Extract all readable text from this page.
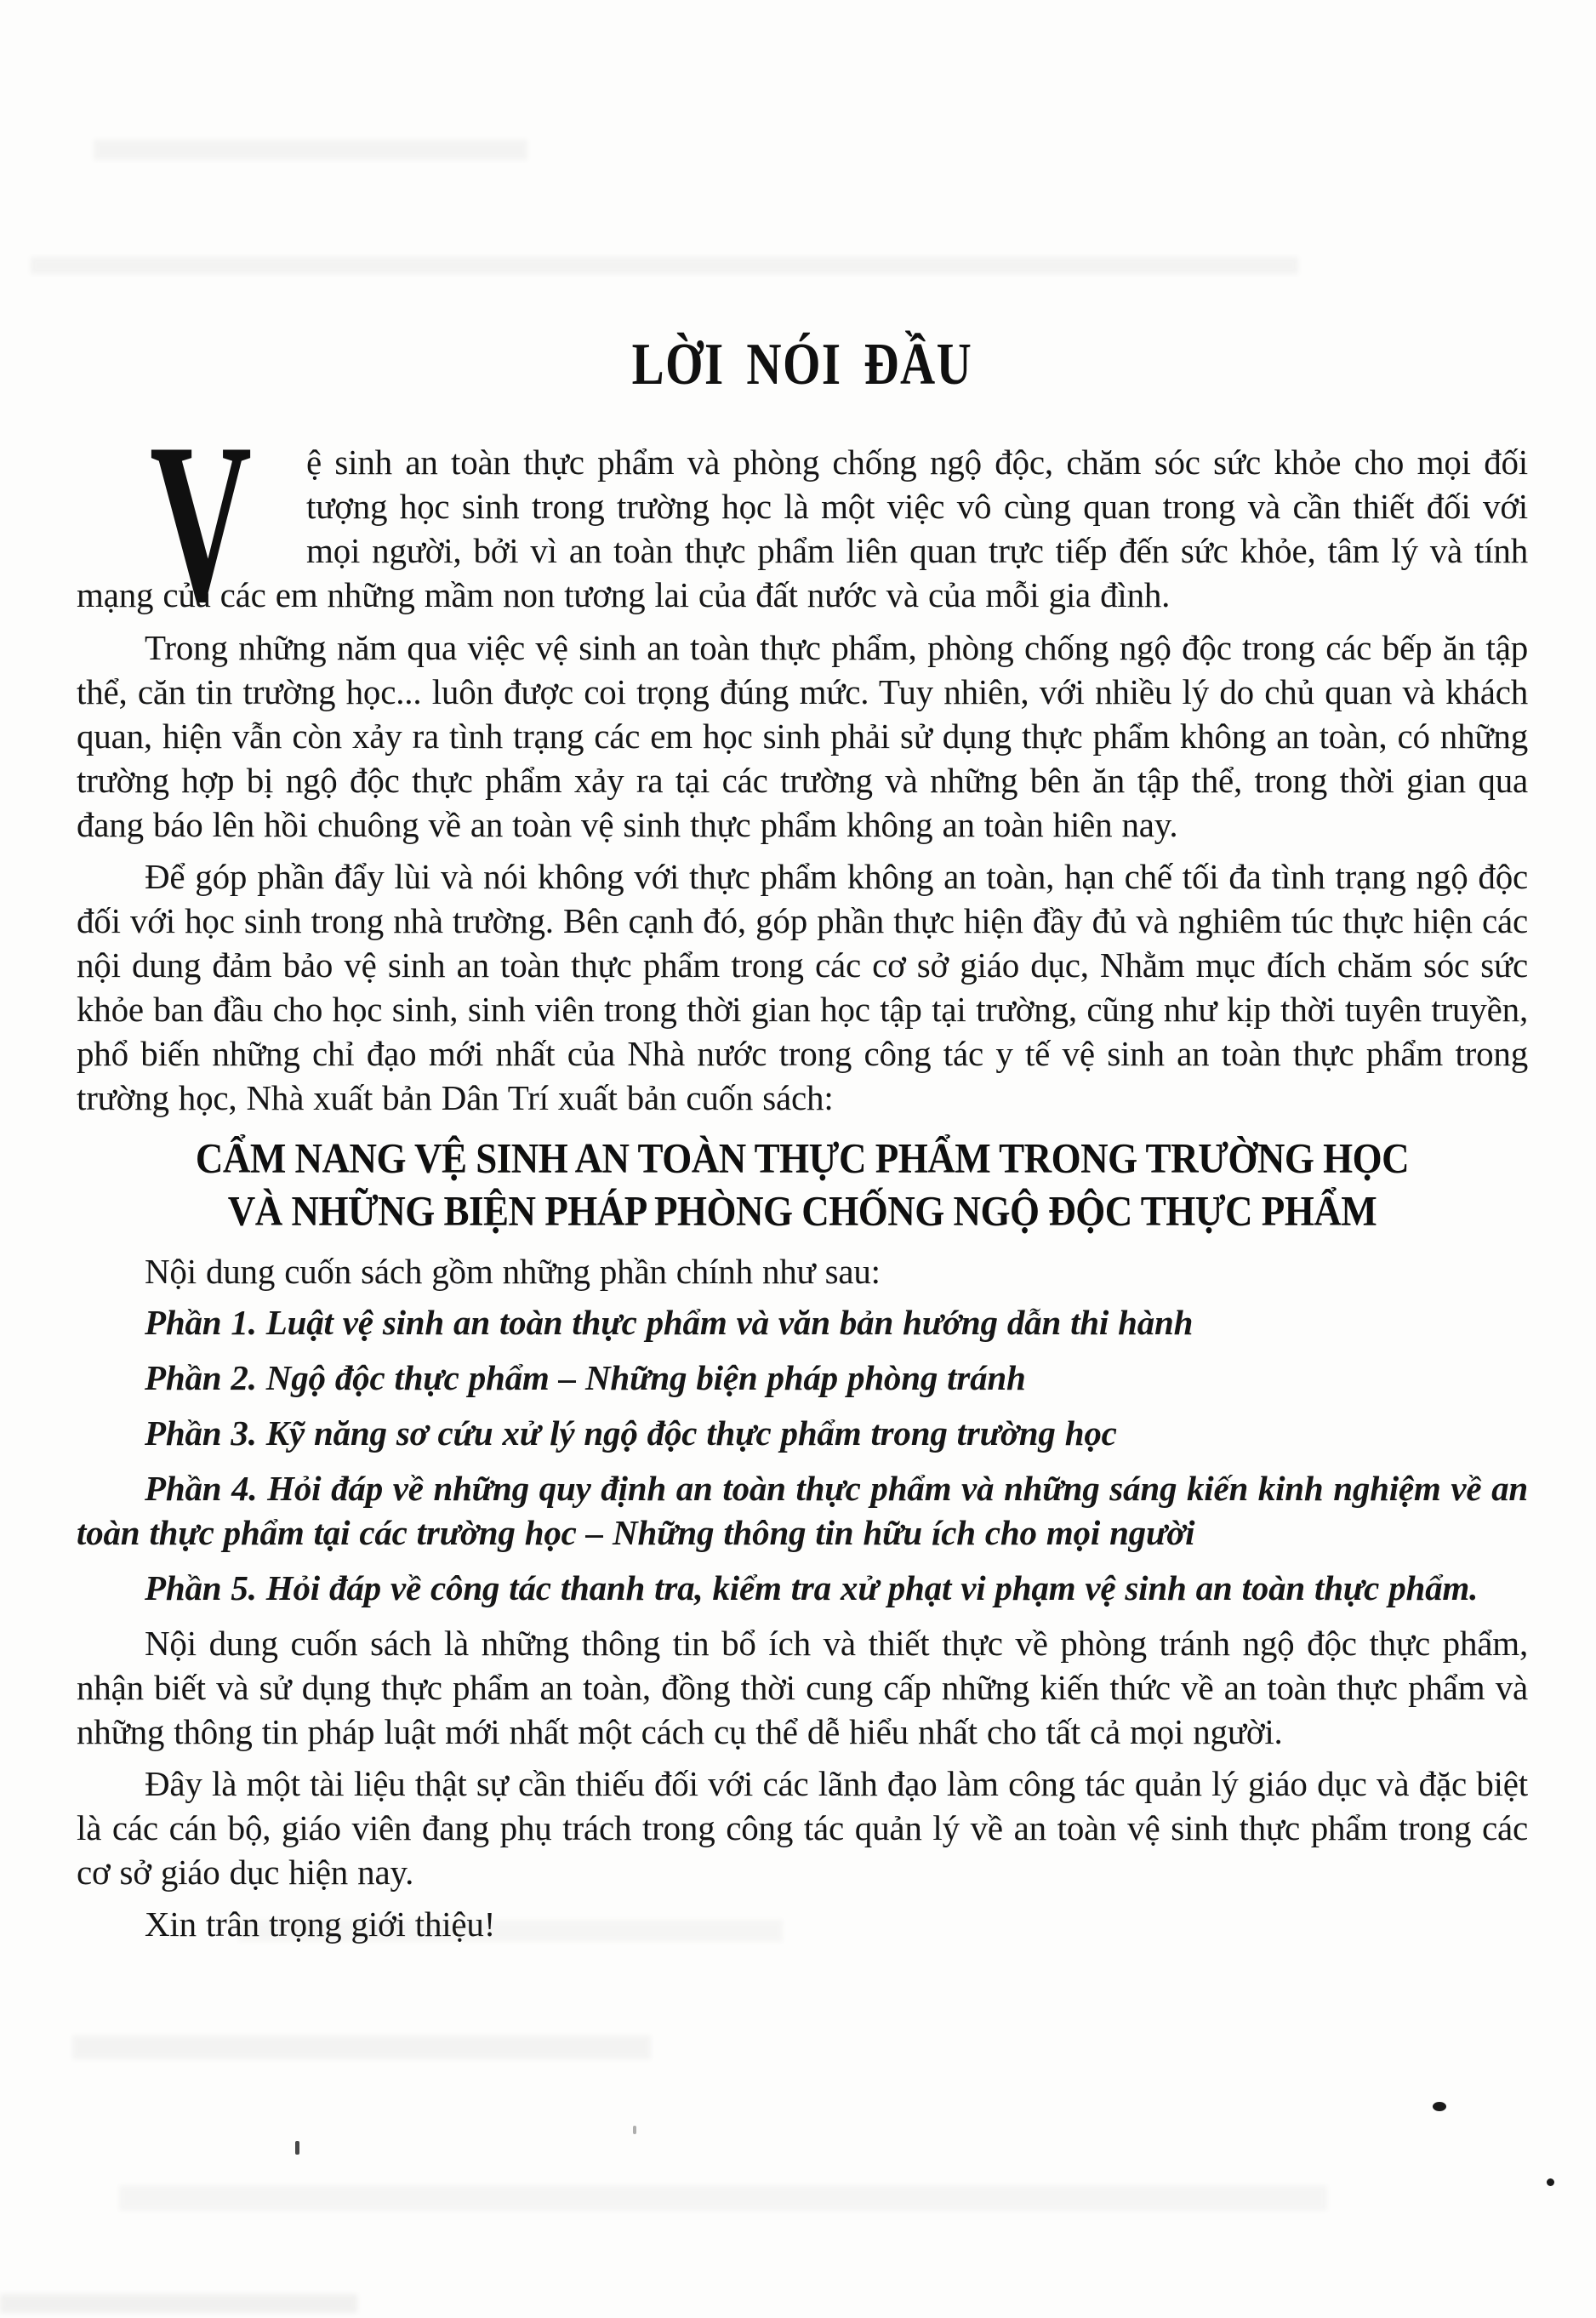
LỜI NÓI ĐẦU

V ệ sinh an toàn thực phẩm và phòng chống ngộ độc, chăm sóc sức khỏe cho mọi đối tượng học sinh trong trường học là một việc vô cùng quan trong và cần thiết đối với mọi người, bởi vì an toàn thực phẩm liên quan trực tiếp đến sức khỏe, tâm lý và tính mạng của các em những mầm non tương lai của đất nước và của mỗi gia đình.

Trong những năm qua việc vệ sinh an toàn thực phẩm, phòng chống ngộ độc trong các bếp ăn tập thể, căn tin trường học... luôn được coi trọng đúng mức. Tuy nhiên, với nhiều lý do chủ quan và khách quan, hiện vẫn còn xảy ra tình trạng các em học sinh phải sử dụng thực phẩm không an toàn, có những trường hợp bị ngộ độc thực phẩm xảy ra tại các trường và những bên ăn tập thể, trong thời gian qua đang báo lên hồi chuông về an toàn vệ sinh thực phẩm không an toàn hiên nay.

Để góp phần đẩy lùi và nói không với thực phẩm không an toàn, hạn chế tối đa tình trạng ngộ độc đối với học sinh trong nhà trường. Bên cạnh đó, góp phần thực hiện đầy đủ và nghiêm túc thực hiện các nội dung đảm bảo vệ sinh an toàn thực phẩm trong các cơ sở giáo dục, Nhằm mục đích chăm sóc sức khỏe ban đầu cho học sinh, sinh viên trong thời gian học tập tại trường, cũng như kịp thời tuyên truyền, phổ biến những chỉ đạo mới nhất của Nhà nước trong công tác y tế vệ sinh an toàn thực phẩm trong trường học, Nhà xuất bản Dân Trí xuất bản cuốn sách:

CẨM NANG VỆ SINH AN TOÀN THỰC PHẨM TRONG TRƯỜNG HỌC
VÀ NHỮNG BIỆN PHÁP PHÒNG CHỐNG NGỘ ĐỘC THỰC PHẨM

Nội dung cuốn sách gồm những phần chính như sau:

Phần 1. Luật vệ sinh an toàn thực phẩm và văn bản hướng dẫn thi hành

Phần 2. Ngộ độc thực phẩm – Những biện pháp phòng tránh

Phần 3. Kỹ năng sơ cứu xử lý ngộ độc thực phẩm trong trường học

Phần 4. Hỏi đáp về những quy định an toàn thực phẩm và những sáng kiến kinh nghiệm về an toàn thực phẩm tại các trường học – Những thông tin hữu ích cho mọi người

Phần 5. Hỏi đáp về công tác thanh tra, kiểm tra xử phạt vi phạm vệ sinh an toàn thực phẩm.

Nội dung cuốn sách là những thông tin bổ ích và thiết thực về phòng tránh ngộ độc thực phẩm, nhận biết và sử dụng thực phẩm an toàn, đồng thời cung cấp những kiến thức về an toàn thực phẩm và những thông tin pháp luật mới nhất một cách cụ thể dễ hiểu nhất cho tất cả mọi người.

Đây là một tài liệu thật sự cần thiếu đối với các lãnh đạo làm công tác quản lý giáo dục và đặc biệt là các cán bộ, giáo viên đang phụ trách trong công tác quản lý về an toàn vệ sinh thực phẩm trong các cơ sở giáo dục hiện nay.

Xin trân trọng giới thiệu!
